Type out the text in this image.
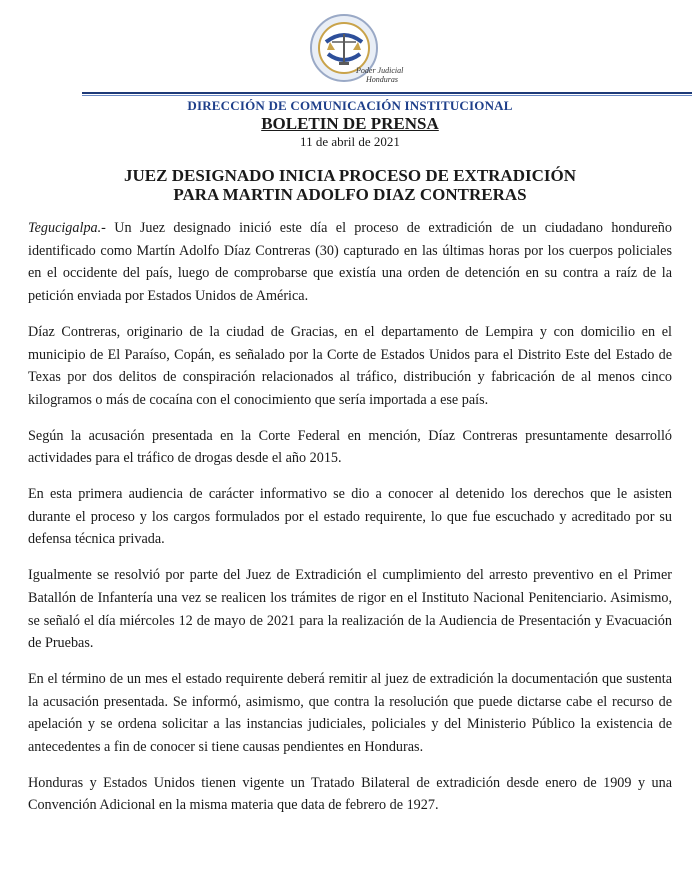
Poder Judicial
Honduras
DIRECCIÓN DE COMUNICACIÓN INSTITUCIONAL
BOLETIN DE PRENSA
11 de abril de 2021
JUEZ DESIGNADO INICIA PROCESO DE EXTRADICIÓN
PARA MARTIN ADOLFO DIAZ CONTRERAS

Tegucigalpa.- Un Juez designado inició este día el proceso de extradición de un ciudadano hondureño identificado como Martín Adolfo Díaz Contreras (30) capturado en las últimas horas por los cuerpos policiales en el occidente del país, luego de comprobarse que existía una orden de detención en su contra a raíz de la petición enviada por Estados Unidos de América.

Díaz Contreras, originario de la ciudad de Gracias, en el departamento de Lempira y con domicilio en el municipio de El Paraíso, Copán, es señalado por la Corte de Estados Unidos para el Distrito Este del Estado de Texas por dos delitos de conspiración relacionados al tráfico, distribución y fabricación de al menos cinco kilogramos o más de cocaína con el conocimiento que sería importada a ese país.

Según la acusación presentada en la Corte Federal en mención, Díaz Contreras presuntamente desarrolló actividades para el tráfico de drogas desde el año 2015.

En esta primera audiencia de carácter informativo se dio a conocer al detenido los derechos que le asisten durante el proceso y los cargos formulados por el estado requirente, lo que fue escuchado y acreditado por su defensa técnica privada.

Igualmente se resolvió por parte del Juez de Extradición el cumplimiento del arresto preventivo en el Primer Batallón de Infantería una vez se realicen los trámites de rigor en el Instituto Nacional Penitenciario. Asimismo, se señaló el día miércoles 12 de mayo de 2021 para la realización de la Audiencia de Presentación y Evacuación de Pruebas.

En el término de un mes el estado requirente deberá remitir al juez de extradición la documentación que sustenta la acusación presentada. Se informó, asimismo, que contra la resolución que puede dictarse cabe el recurso de apelación y se ordena solicitar a las instancias judiciales, policiales y del Ministerio Público la existencia de antecedentes a fin de conocer si tiene causas pendientes en Honduras.

Honduras y Estados Unidos tienen vigente un Tratado Bilateral de extradición desde enero de 1909 y una Convención Adicional en la misma materia que data de febrero de 1927.
